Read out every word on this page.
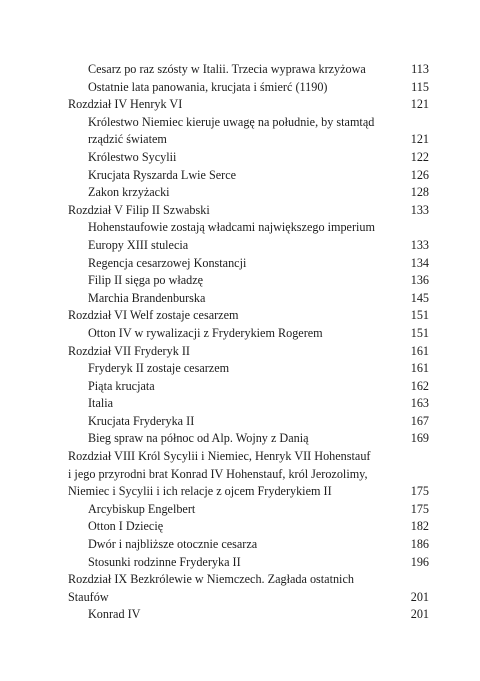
Cesarz po raz szósty w Italii. Trzecia wyprawa krzyżowa	113
Ostatnie lata panowania, krucjata i śmierć (1190)	115
Rozdział IV Henryk VI	121
Królestwo Niemiec kieruje uwagę na południe, by stamtąd
rządzić światem	121
Królestwo Sycylii	122
Krucjata Ryszarda Lwie Serce	126
Zakon krzyżacki	128
Rozdział V Filip II Szwabski	133
Hohenstaufowie zostają władcami największego imperium
Europy XIII stulecia	133
Regencja cesarzowej Konstancji	134
Filip II sięga po władzę	136
Marchia Brandenburska	145
Rozdział VI Welf zostaje cesarzem	151
Otton IV w rywalizacji z Fryderykiem Rogerem	151
Rozdział VII Fryderyk II	161
Fryderyk II zostaje cesarzem	161
Piąta krucjata	162
Italia	163
Krucjata Fryderyka II	167
Bieg spraw na północ od Alp. Wojny z Danią	169
Rozdział VIII Król Sycylii i Niemiec, Henryk VII Hohenstauf
i jego przyrodni brat Konrad IV Hohenstauf, król Jerozolimy,
Niemiec i Sycylii i ich relacje z ojcem Fryderykiem II	175
Arcybiskup Engelbert	175
Otton I Dziecię	182
Dwór i najbliższe otocznie cesarza	186
Stosunki rodzinne Fryderyka II	196
Rozdział IX Bezkrólewie w Niemczech. Zagłada ostatnich
Staufów	201
Konrad IV	201
